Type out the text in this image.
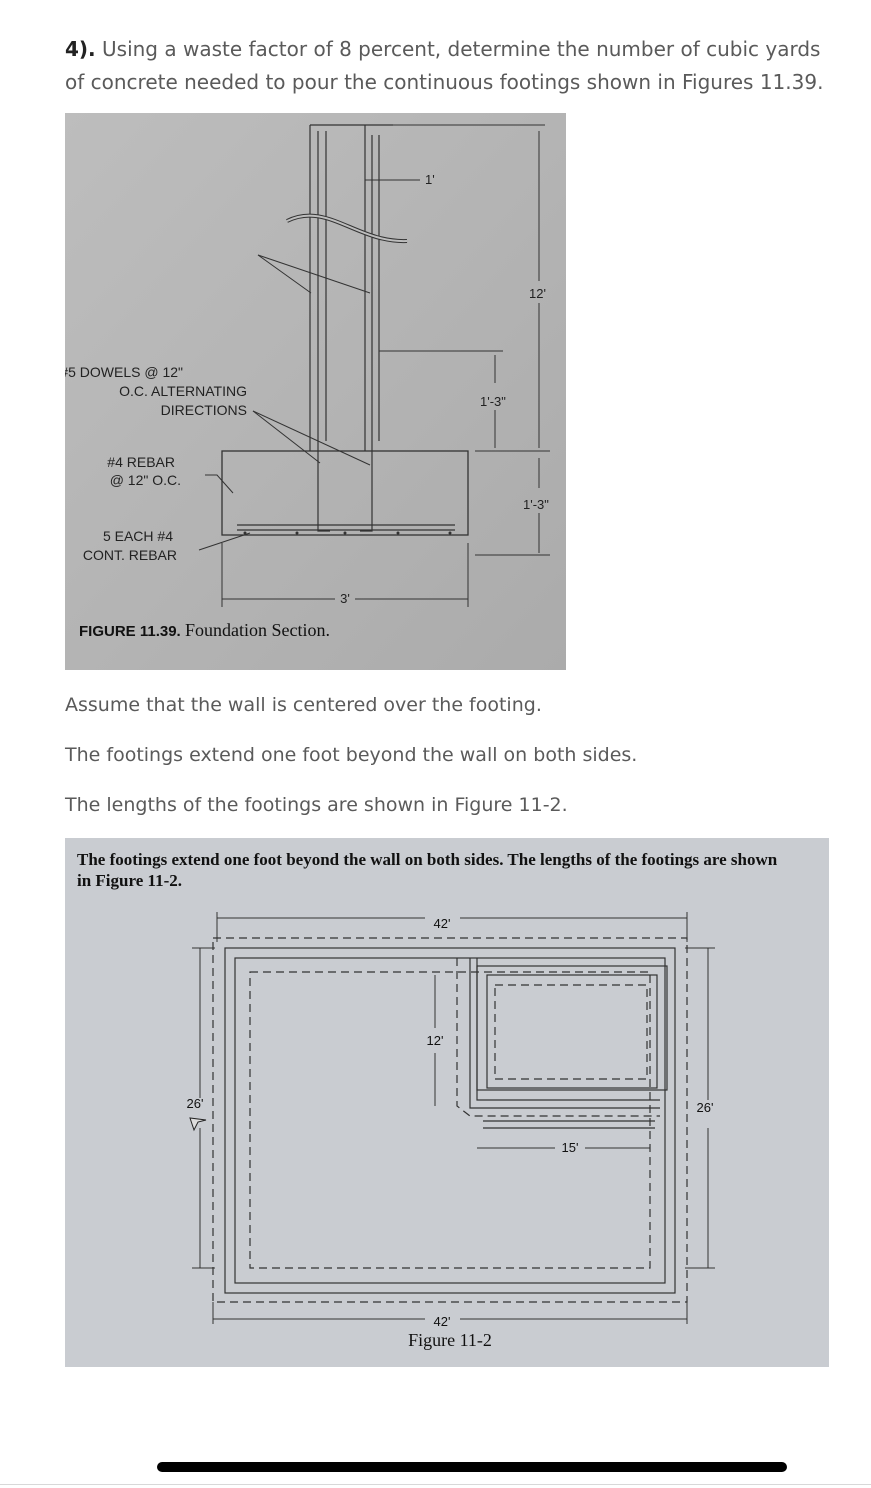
4). Using a waste factor of 8 percent, determine the number of cubic yards of concrete needed to pour the continuous footings shown in Figures 11.39.
#5 DOWELS @ 12"
O.C. ALTERNATING
DIRECTIONS
#4 REBAR
@ 12" O.C.
5 EACH #4
CONT. REBAR
1'
12'
1'-3"
1'-3"
3'
FIGURE 11.39. Foundation Section.
Assume that the wall is centered over the footing.
The footings extend one foot beyond the wall on both sides.
The lengths of the footings are shown in Figure 11-2.
The footings extend one foot beyond the wall on both sides. The lengths of the footings are shown
in Figure 11-2.
42'
42'
26'	26'
12'
15'
Figure 11-2
